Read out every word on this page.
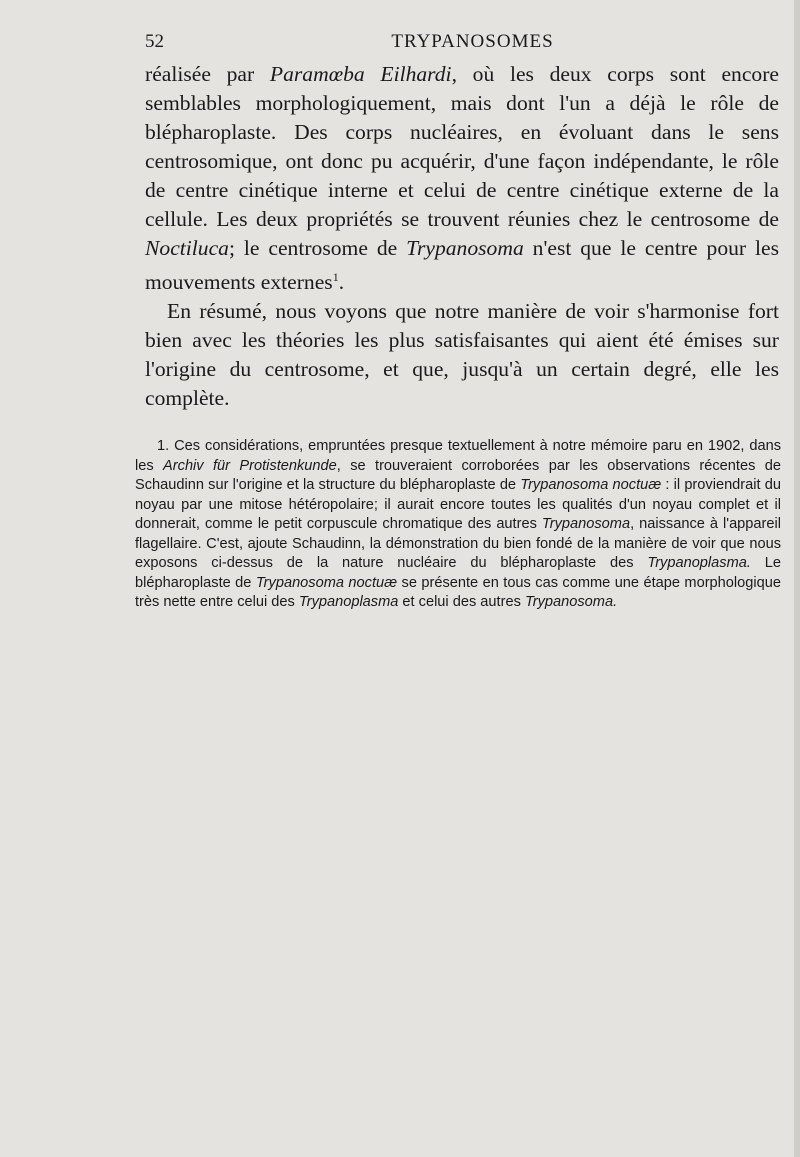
52	TRYPANOSOMES

réalisée par Paramœba Eilhardi, où les deux corps sont encore semblables morphologiquement, mais dont l'un a déjà le rôle de blépharoplaste. Des corps nucléaires, en évoluant dans le sens centrosomique, ont donc pu acquérir, d'une façon indépendante, le rôle de centre cinétique interne et celui de centre cinétique externe de la cellule. Les deux propriétés se trouvent réunies chez le centrosome de Noctiluca; le centrosome de Trypanosoma n'est que le centre pour les mouvements externes$^1$.

En résumé, nous voyons que notre manière de voir s'harmonise fort bien avec les théories les plus satisfaisantes qui aient été émises sur l'origine du centrosome, et que, jusqu'à un certain degré, elle les complète.

1. Ces considérations, empruntées presque textuellement à notre mémoire paru en 1902, dans les Archiv für Protistenkunde, se trouveraient corroborées par les observations récentes de Schaudinn sur l'origine et la structure du blépharoplaste de Trypanosoma noctuæ : il proviendrait du noyau par une mitose hétéropolaire; il aurait encore toutes les qualités d'un noyau complet et il donnerait, comme le petit corpuscule chromatique des autres Trypanosoma, naissance à l'appareil flagellaire. C'est, ajoute Schaudinn, la démonstration du bien fondé de la manière de voir que nous exposons ci-dessus de la nature nucléaire du blépharoplaste des Trypanoplasma. Le blépharoplaste de Trypanosoma noctuæ se présente en tous cas comme une étape morphologique très nette entre celui des Trypanoplasma et celui des autres Trypanosoma.
